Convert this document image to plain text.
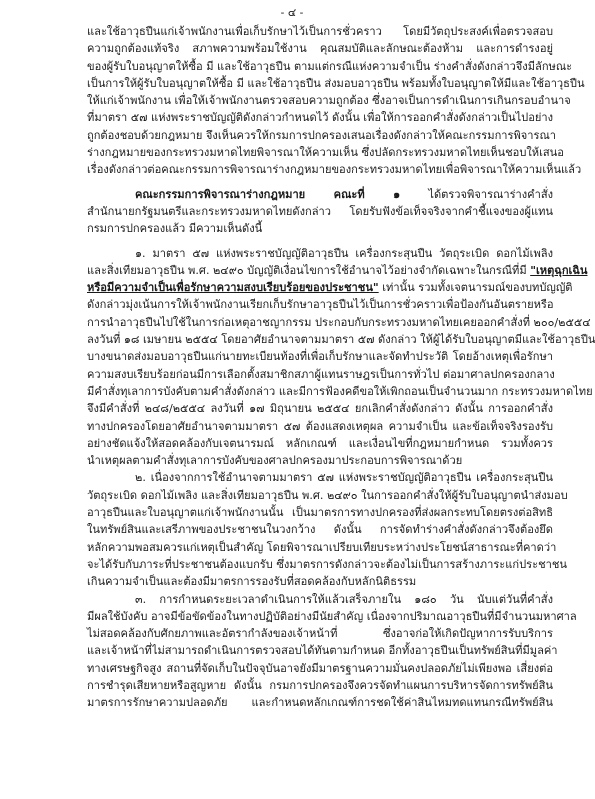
- ๔ -
และใช้อาวุธปืนแก่เจ้าพนักงานเพื่อเก็บรักษาไว้เป็นการชั่วคราว โดยมีวัตถุประสงค์เพื่อตรวจสอบ
ความถูกต้องแท้จริง สภาพความพร้อมใช้งาน คุณสมบัติและลักษณะต้องห้าม และการดำรงอยู่
ของผู้รับใบอนุญาตให้ซื้อ มี และใช้อาวุธปืน ตามแต่กรณีแห่งความจำเป็น ร่างคำสั่งดังกล่าวจึงมีลักษณะ
เป็นการให้ผู้รับใบอนุญาตให้ซื้อ มี และใช้อาวุธปืน ส่งมอบอาวุธปืน พร้อมทั้งใบอนุญาตให้มีและใช้อาวุธปืน
ให้แก่เจ้าพนักงาน เพื่อให้เจ้าพนักงานตรวจสอบความถูกต้อง ซึ่งอาจเป็นการดำเนินการเกินกรอบอำนาจ
ที่มาตรา ๕๗ แห่งพระราชบัญญัติดังกล่าวกำหนดไว้ ดังนั้น เพื่อให้การออกคำสั่งดังกล่าวเป็นไปอย่าง
ถูกต้องชอบด้วยกฎหมาย จึงเห็นควรให้กรมการปกครองเสนอเรื่องดังกล่าวให้คณะกรรมการพิจารณา
ร่างกฎหมายของกระทรวงมหาดไทยพิจารณาให้ความเห็น ซึ่งปลัดกระทรวงมหาดไทยเห็นชอบให้เสนอ
เรื่องดังกล่าวต่อคณะกรรมการพิจารณาร่างกฎหมายของกระทรวงมหาดไทยเพื่อพิจารณาให้ความเห็นแล้ว
คณะกรรมการพิจารณาร่างกฎหมาย คณะที่ ๑ ได้ตรวจพิจารณาร่างคำสั่ง
สำนักนายกรัฐมนตรีและกระทรวงมหาดไทยดังกล่าว โดยรับฟังข้อเท็จจริงจากคำชี้แจงของผู้แทน
กรมการปกครองแล้ว มีความเห็นดังนี้
๑. มาตรา ๕๗ แห่งพระราชบัญญัติอาวุธปืน เครื่องกระสุนปืน วัตถุระเบิด ดอกไม้เพลิง
และสิ่งเทียมอาวุธปืน พ.ศ. ๒๔๙๐ บัญญัติเงื่อนไขการใช้อำนาจไว้อย่างจำกัดเฉพาะในกรณีที่มี "เหตุฉุกเฉิน
หรือมีความจำเป็นเพื่อรักษาความสงบเรียบร้อยของประชาชน" เท่านั้น รวมทั้งเจตนารมณ์ของบทบัญญัติ
ดังกล่าวมุ่งเน้นการให้เจ้าพนักงานเรียกเก็บรักษาอาวุธปืนไว้เป็นการชั่วคราวเพื่อป้องกันอันตรายหรือ
การนำอาวุธปืนไปใช้ในการก่อเหตุอาชญากรรม ประกอบกับกระทรวงมหาดไทยเคยออกคำสั่งที่ ๒๐๐/๒๕๕๔
ลงวันที่ ๑๘ เมษายน ๒๕๕๔ โดยอาศัยอำนาจตามมาตรา ๕๗ ดังกล่าว ให้ผู้ได้รับใบอนุญาตมีและใช้อาวุธปืน
บางขนาดส่งมอบอาวุธปืนแก่นายทะเบียนท้องที่เพื่อเก็บรักษาและจัดทำประวัติ โดยอ้างเหตุเพื่อรักษา
ความสงบเรียบร้อยก่อนมีการเลือกตั้งสมาชิกสภาผู้แทนราษฎรเป็นการทั่วไป ต่อมาศาลปกครองกลาง
มีคำสั่งทุเลาการบังคับตามคำสั่งดังกล่าว และมีการฟ้องคดีขอให้เพิกถอนเป็นจำนวนมาก กระทรวงมหาดไทย
จึงมีคำสั่งที่ ๒๔๘/๒๕๕๔ ลงวันที่ ๑๗ มิถุนายน ๒๕๕๔ ยกเลิกคำสั่งดังกล่าว ดังนั้น การออกคำสั่ง
ทางปกครองโดยอาศัยอำนาจตามมาตรา ๕๗ ต้องแสดงเหตุผล ความจำเป็น และข้อเท็จจริงรองรับ
อย่างชัดแจ้งให้สอดคล้องกับเจตนารมณ์ หลักเกณฑ์ และเงื่อนไขที่กฎหมายกำหนด รวมทั้งควร
นำเหตุผลตามคำสั่งทุเลาการบังคับของศาลปกครองมาประกอบการพิจารณาด้วย
๒. เนื่องจากการใช้อำนาจตามมาตรา ๕๗ แห่งพระราชบัญญัติอาวุธปืน เครื่องกระสุนปืน
วัตถุระเบิด ดอกไม้เพลิง และสิ่งเทียมอาวุธปืน พ.ศ. ๒๔๙๐ ในการออกคำสั่งให้ผู้รับใบอนุญาตนำส่งมอบ
อาวุธปืนและใบอนุญาตแก่เจ้าพนักงานนั้น เป็นมาตรการทางปกครองที่ส่งผลกระทบโดยตรงต่อสิทธิ
ในทรัพย์สินและเสรีภาพของประชาชนในวงกว้าง ดังนั้น การจัดทำร่างคำสั่งดังกล่าวจึงต้องยึด
หลักความพอสมควรแก่เหตุเป็นสำคัญ โดยพิจารณาเปรียบเทียบระหว่างประโยชน์สาธารณะที่คาดว่า
จะได้รับกับภาระที่ประชาชนต้องแบกรับ ซึ่งมาตรการดังกล่าวจะต้องไม่เป็นการสร้างภาระแก่ประชาชน
เกินความจำเป็นและต้องมีมาตรการรองรับที่สอดคล้องกับหลักนิติธรรม
๓. การกำหนดระยะเวลาดำเนินการให้แล้วเสร็จภายใน ๑๘๐ วัน นับแต่วันที่คำสั่ง
มีผลใช้บังคับ อาจมีข้อขัดข้องในทางปฏิบัติอย่างมีนัยสำคัญ เนื่องจากปริมาณอาวุธปืนที่มีจำนวนมหาศาล
ไม่สอดคล้องกับศักยภาพและอัตรากำลังของเจ้าหน้าที่ ซึ่งอาจก่อให้เกิดปัญหาการรับบริการ
และเจ้าหน้าที่ไม่สามารถดำเนินการตรวจสอบได้ทันตามกำหนด อีกทั้งอาวุธปืนเป็นทรัพย์สินที่มีมูลค่า
ทางเศรษฐกิจสูง สถานที่จัดเก็บในปัจจุบันอาจยังมีมาตรฐานความมั่นคงปลอดภัยไม่เพียงพอ เสี่ยงต่อ
การชำรุดเสียหายหรือสูญหาย ดังนั้น กรมการปกครองจึงควรจัดทำแผนการบริหารจัดการทรัพย์สิน
มาตรการรักษาความปลอดภัย และกำหนดหลักเกณฑ์การชดใช้ค่าสินไหมทดแทนกรณีทรัพย์สิน
